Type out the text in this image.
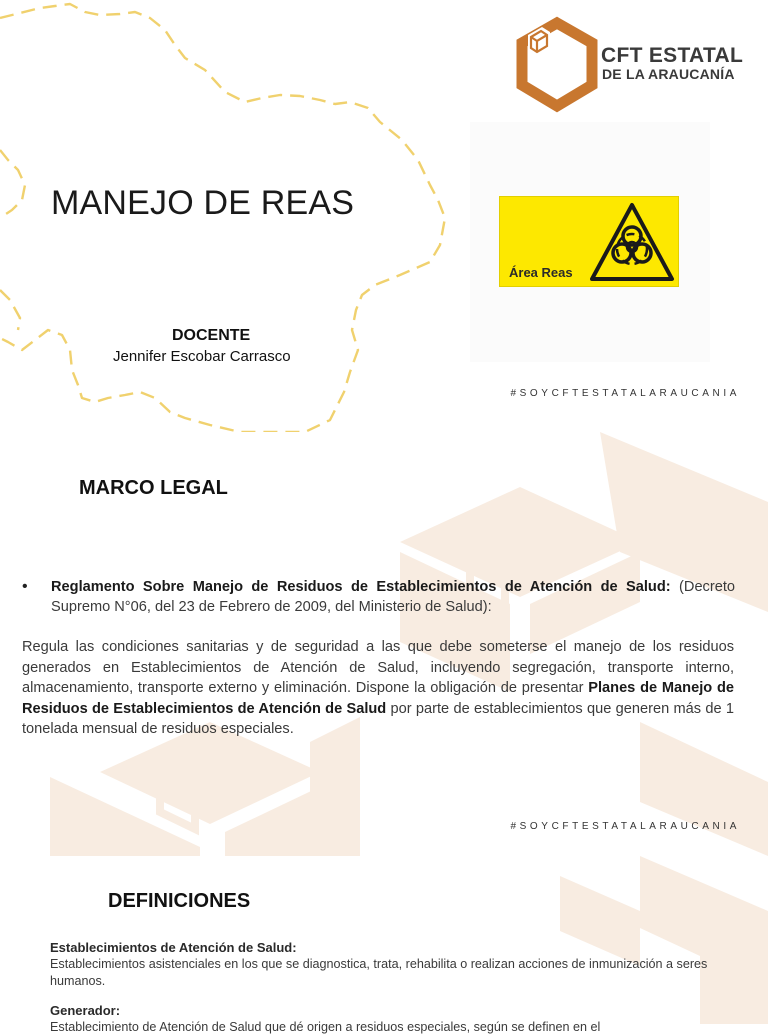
MANEJO DE REAS
DOCENTE
Jennifer Escobar Carrasco
CFT ESTATAL
DE LA ARAUCANÍA
Área Reas
#SOYCFTESTATALARAUCANIA
MARCO LEGAL
• Reglamento Sobre Manejo de Residuos de Establecimientos de Atención de Salud: (Decreto Supremo N°06, del 23 de Febrero de 2009, del Ministerio de Salud):
Regula las condiciones sanitarias y de seguridad a las que debe someterse el manejo de los residuos generados en Establecimientos de Atención de Salud, incluyendo segregación, transporte interno, almacenamiento, transporte externo y eliminación. Dispone la obligación de presentar Planes de Manejo de Residuos de Establecimientos de Atención de Salud por parte de establecimientos que generen más de 1 tonelada mensual de residuos especiales.
#SOYCFTESTATALARAUCANIA
DEFINICIONES
Establecimientos de Atención de Salud:
Establecimientos asistenciales en los que se diagnostica, trata, rehabilita o realizan acciones de inmunización a seres humanos.
Generador:
Establecimiento de Atención de Salud que dé origen a residuos especiales, según se definen en el
